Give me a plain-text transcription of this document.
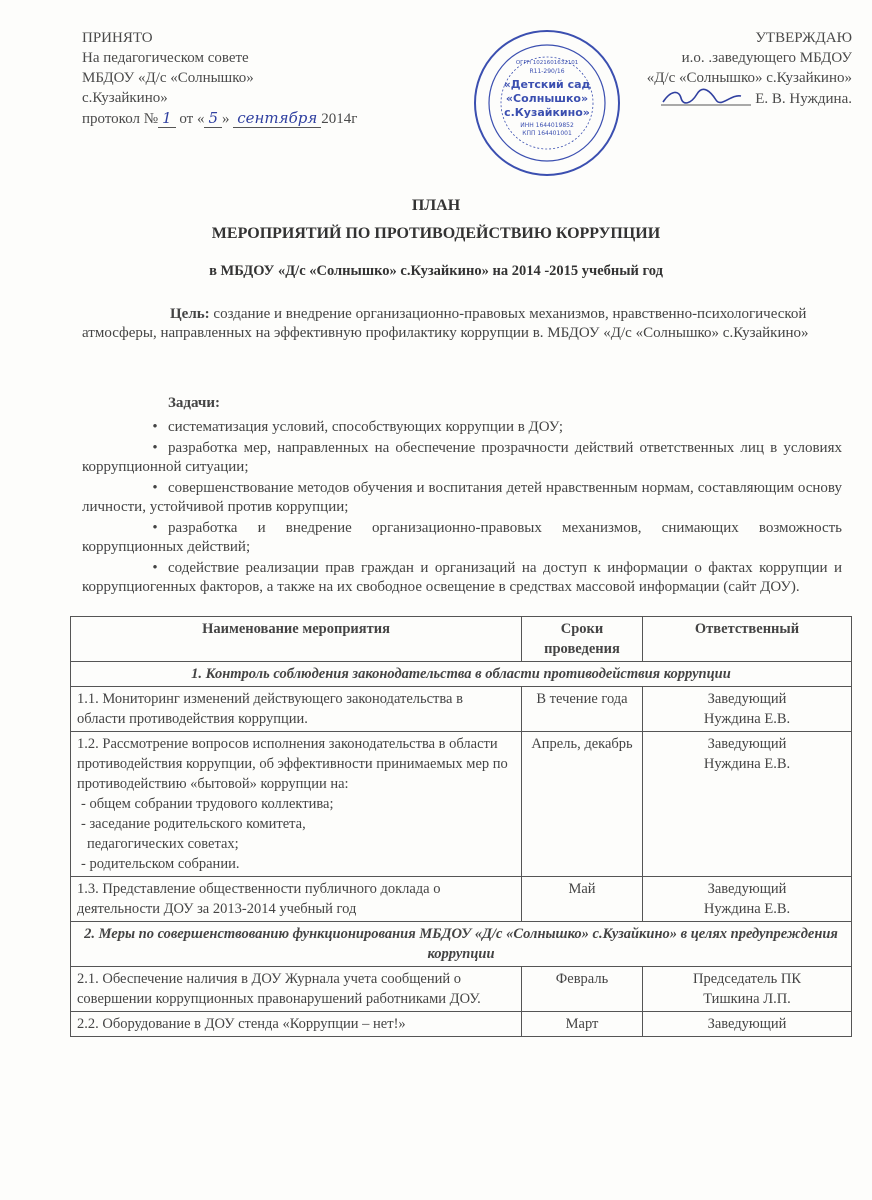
ПРИНЯТО
На педагогическом совете
МБДОУ «Д/с «Солнышко»
с.Кузайкино»
протокол № 1 от « 5 » сентября 2014г
R11-290/16
ОГРН 1021601632101
«Детский сад
«Солнышко»
с.Кузайкино»
ИНН 1644019852
КПП 164401001
УТВЕРЖДАЮ
и.о. .заведующего МБДОУ
«Д/с «Солнышко» с.Кузайкино»
Е. В. Нуждина.
ПЛАН
МЕРОПРИЯТИЙ ПО ПРОТИВОДЕЙСТВИЮ КОРРУПЦИИ
в МБДОУ «Д/с «Солнышко» с.Кузайкино» на 2014 -2015 учебный год
Цель: создание и внедрение организационно-правовых механизмов, нравственно-психологической атмосферы, направленных на эффективную профилактику коррупции в. МБДОУ «Д/с «Солнышко» с.Кузайкино»
Задачи:
• систематизация условий, способствующих коррупции в ДОУ;
• разработка мер, направленных на обеспечение прозрачности действий ответственных лиц в условиях коррупционной ситуации;
• совершенствование методов обучения и воспитания детей нравственным нормам, составляющим основу личности, устойчивой против коррупции;
• разработка и внедрение организационно-правовых механизмов, снимающих возможность коррупционных действий;
• содействие реализации прав граждан и организаций на доступ к информации о фактах коррупции и коррупциогенных факторов, а также на их свободное освещение в средствах массовой информации (сайт ДОУ).
Наименование мероприятия	Сроки проведения	Ответственный
1. Контроль соблюдения законодательства в области противодействия коррупции		
1.1. Мониторинг изменений действующего законодательства в области противодействия коррупции.	В течение года	Заведующий
Нуждина Е.В.

1.2. Рассмотрение вопросов исполнения законодательства в области противодействия коррупции, об эффективности принимаемых мер по противодействию «бытовой» коррупции на:
- общем собрании трудового коллектива;
- заседание родительского комитета,
педагогических советах;
- родительском собрании.
	Апрель, декабрь	Заведующий
Нуждина Е.В.

1.3. Представление общественности публичного доклада о деятельности ДОУ за 2013-2014 учебный год	Май	Заведующий
Нуждина Е.В.

2. Меры по совершенствованию функционирования МБДОУ «Д/с «Солнышко» с.Кузайкино» в целях предупреждения коррупции		
2.1. Обеспечение наличия в ДОУ Журнала учета сообщений о совершении коррупционных правонарушений работниками ДОУ.	Февраль	Председатель ПК
Тишкина Л.П.

2.2. Оборудование в ДОУ стенда «Коррупции – нет!»	Март	Заведующий
